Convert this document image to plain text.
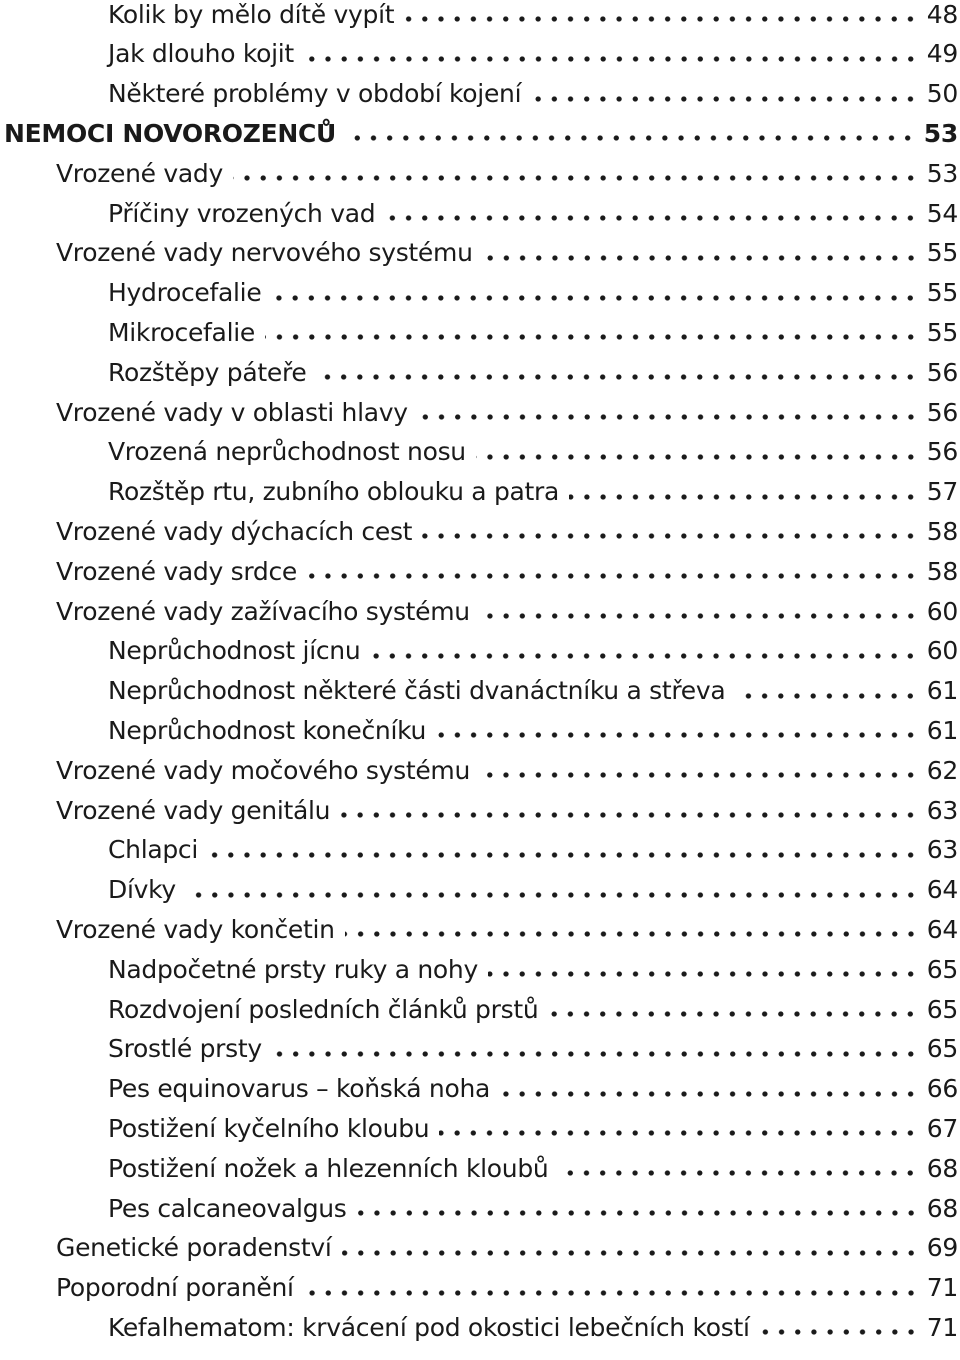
Kolik by mělo dítě vypít	48
Jak dlouho kojit	49
Některé problémy v období kojení	50
NEMOCI NOVOROZENCŮ	53
Vrozené vady	53
Příčiny vrozených vad	54
Vrozené vady nervového systému	55
Hydrocefalie	55
Mikrocefalie	55
Rozštěpy páteře	56
Vrozené vady v oblasti hlavy	56
Vrozená neprůchodnost nosu	56
Rozštěp rtu, zubního oblouku a patra	57
Vrozené vady dýchacích cest	58
Vrozené vady srdce	58
Vrozené vady zažívacího systému	60
Neprůchodnost jícnu	60
Neprůchodnost některé části dvanáctníku a střeva	61
Neprůchodnost konečníku	61
Vrozené vady močového systému	62
Vrozené vady genitálu	63
Chlapci	63
Dívky	64
Vrozené vady končetin	64
Nadpočetné prsty ruky a nohy	65
Rozdvojení posledních článků prstů	65
Srostlé prsty	65
Pes equinovarus – koňská noha	66
Postižení kyčelního kloubu	67
Postižení nožek a hlezenních kloubů	68
Pes calcaneovalgus	68
Genetické poradenství	69
Poporodní poranění	71
Kefalhematom: krvácení pod okostici lebečních kostí	71
